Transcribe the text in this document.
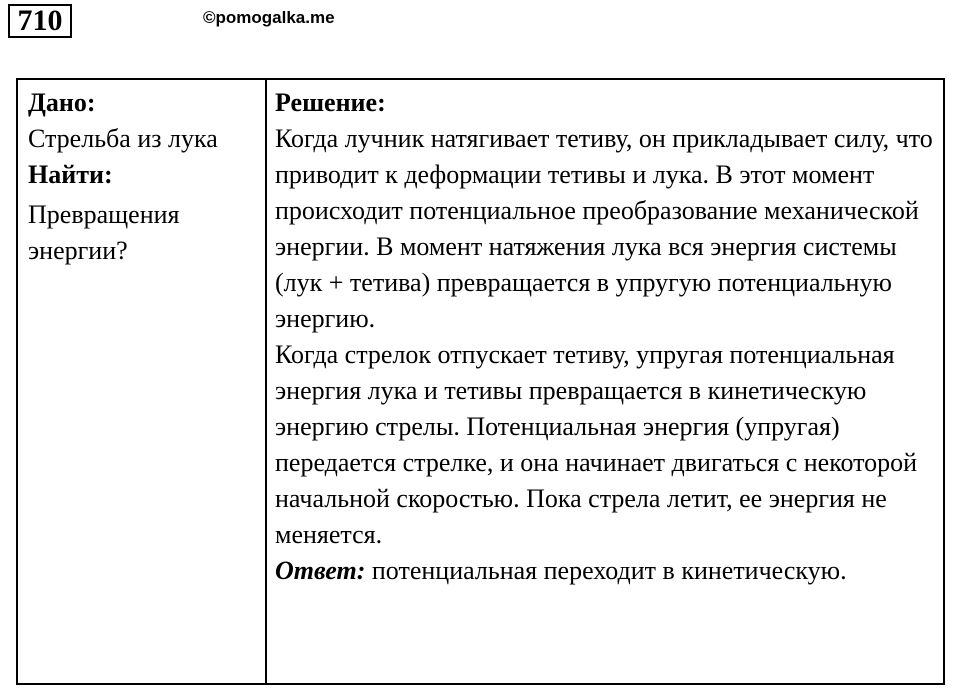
710	©pomogalka.me
Дано:
Стрельба из лука
Найти:
Превращения энергии?
Решение:
Когда лучник натягивает тетиву, он прикладывает силу, что приводит к деформации тетивы и лука. В этот момент происходит потенциальное преобразование механической энергии. В момент натяжения лука вся энергия системы (лук + тетива) превращается в упругую потенциальную энергию.
Когда стрелок отпускает тетиву, упругая потенциальная энергия лука и тетивы превращается в кинетическую энергию стрелы. Потенциальная энергия (упругая) передается стрелке, и она начинает двигаться с некоторой начальной скоростью. Пока стрела летит, ее энергия не меняется.
Ответ: потенциальная переходит в кинетическую.
